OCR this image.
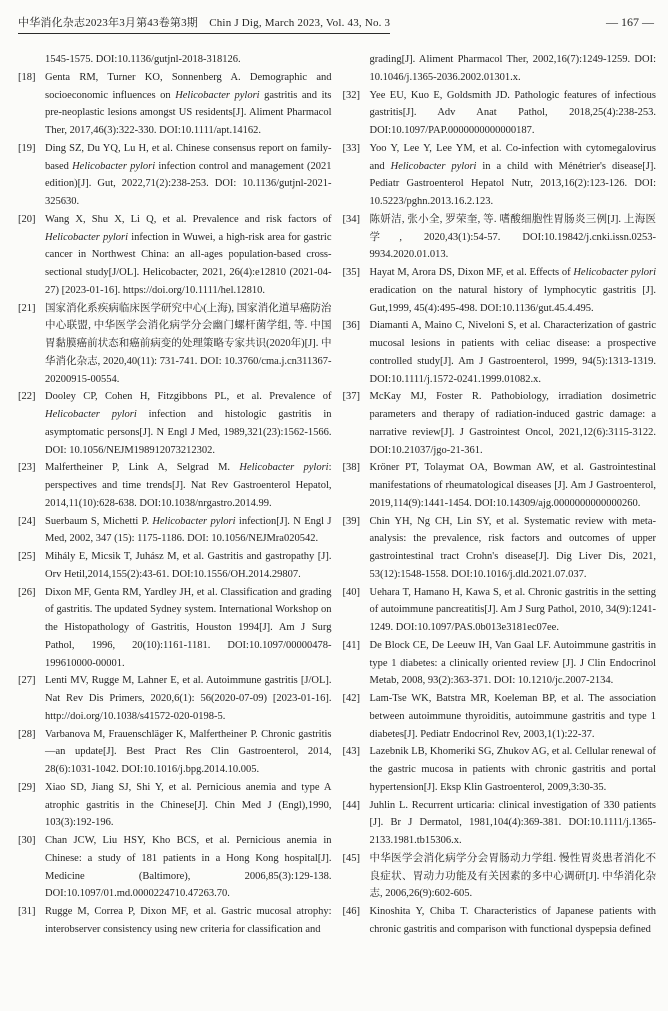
中华消化杂志2023年3月第43卷第3期　Chin J Dig, March 2023, Vol. 43, No. 3	— 167 —
1545-1575. DOI:10.1136/gutjnl-2018-318126.
[18] Genta RM, Turner KO, Sonnenberg A. Demographic and socioeconomic influences on Helicobacter pylori gastritis and its pre-neoplastic lesions amongst US residents[J]. Aliment Pharmacol Ther, 2017,46(3):322-330. DOI:10.1111/apt.14162.
[19] Ding SZ, Du YQ, Lu H, et al. Chinese consensus report on family-based Helicobacter pylori infection control and management (2021 edition)[J]. Gut, 2022,71(2):238-253. DOI: 10.1136/gutjnl-2021-325630.
[20] Wang X, Shu X, Li Q, et al. Prevalence and risk factors of Helicobacter pylori infection in Wuwei, a high-risk area for gastric cancer in Northwest China: an all-ages population-based cross-sectional study[J/OL]. Helicobacter, 2021, 26(4):e12810 (2021-04-27) [2023-01-16]. https://doi.org/10.1111/hel.12810.
[21] 国家消化系疾病临床医学研究中心(上海), 国家消化道早癌防治中心联盟, 中华医学会消化病学分会幽门螺杆菌学组, 等. 中国胃黏膜癌前状态和癌前病变的处理策略专家共识(2020年)[J]. 中华消化杂志, 2020,40(11): 731-741. DOI: 10.3760/cma.j.cn311367-20200915-00554.
[22] Dooley CP, Cohen H, Fitzgibbons PL, et al. Prevalence of Helicobacter pylori infection and histologic gastritis in asymptomatic persons[J]. N Engl J Med, 1989,321(23):1562-1566. DOI: 10.1056/NEJM198912073212302.
[23] Malfertheiner P, Link A, Selgrad M. Helicobacter pylori: perspectives and time trends[J]. Nat Rev Gastroenterol Hepatol, 2014,11(10):628-638. DOI:10.1038/nrgastro.2014.99.
[24] Suerbaum S, Michetti P. Helicobacter pylori infection[J]. N Engl J Med, 2002, 347 (15): 1175-1186. DOI: 10.1056/NEJMra020542.
[25] Mihály E, Micsik T, Juhász M, et al. Gastritis and gastropathy [J]. Orv Hetil,2014,155(2):43-61. DOI:10.1556/OH.2014.29807.
[26] Dixon MF, Genta RM, Yardley JH, et al. Classification and grading of gastritis. The updated Sydney system. International Workshop on the Histopathology of Gastritis, Houston 1994[J]. Am J Surg Pathol, 1996, 20(10):1161-1181. DOI:10.1097/00000478-199610000-00001.
[27] Lenti MV, Rugge M, Lahner E, et al. Autoimmune gastritis [J/OL]. Nat Rev Dis Primers, 2020,6(1): 56(2020-07-09) [2023-01-16]. http://doi.org/10.1038/s41572-020-0198-5.
[28] Varbanova M, Frauenschläger K, Malfertheiner P. Chronic gastritis—an update[J]. Best Pract Res Clin Gastroenterol, 2014, 28(6):1031-1042. DOI:10.1016/j.bpg.2014.10.005.
[29] Xiao SD, Jiang SJ, Shi Y, et al. Pernicious anemia and type A atrophic gastritis in the Chinese[J]. Chin Med J (Engl),1990, 103(3):192-196.
[30] Chan JCW, Liu HSY, Kho BCS, et al. Pernicious anemia in Chinese: a study of 181 patients in a Hong Kong hospital[J]. Medicine (Baltimore), 2006,85(3):129-138. DOI:10.1097/01.md.0000224710.47263.70.
[31] Rugge M, Correa P, Dixon MF, et al. Gastric mucosal atrophy: interobserver consistency using new criteria for classification and
grading[J]. Aliment Pharmacol Ther, 2002,16(7):1249-1259. DOI: 10.1046/j.1365-2036.2002.01301.x.
[32] Yee EU, Kuo E, Goldsmith JD. Pathologic features of infectious gastritis[J]. Adv Anat Pathol, 2018,25(4):238-253. DOI:10.1097/PAP.0000000000000187.
[33] Yoo Y, Lee Y, Lee YM, et al. Co-infection with cytomegalovirus and Helicobacter pylori in a child with Ménétrier's disease[J]. Pediatr Gastroenterol Hepatol Nutr, 2013,16(2):123-126. DOI: 10.5223/pghn.2013.16.2.123.
[34] 陈妍洁, 张小全, 罗荣奎, 等. 嗜酸细胞性胃肠炎三例[J]. 上海医学, 2020,43(1):54-57. DOI:10.19842/j.cnki.issn.0253-9934.2020.01.013.
[35] Hayat M, Arora DS, Dixon MF, et al. Effects of Helicobacter pylori eradication on the natural history of lymphocytic gastritis [J]. Gut,1999, 45(4):495-498. DOI:10.1136/gut.45.4.495.
[36] Diamanti A, Maino C, Niveloni S, et al. Characterization of gastric mucosal lesions in patients with celiac disease: a prospective controlled study[J]. Am J Gastroenterol, 1999, 94(5):1313-1319. DOI:10.1111/j.1572-0241.1999.01082.x.
[37] McKay MJ, Foster R. Pathobiology, irradiation dosimetric parameters and therapy of radiation-induced gastric damage: a narrative review[J]. J Gastrointest Oncol, 2021,12(6):3115-3122. DOI:10.21037/jgo-21-361.
[38] Kröner PT, Tolaymat OA, Bowman AW, et al. Gastrointestinal manifestations of rheumatological diseases [J]. Am J Gastroenterol, 2019,114(9):1441-1454. DOI:10.14309/ajg.0000000000000260.
[39] Chin YH, Ng CH, Lin SY, et al. Systematic review with meta-analysis: the prevalence, risk factors and outcomes of upper gastrointestinal tract Crohn's disease[J]. Dig Liver Dis, 2021, 53(12):1548-1558. DOI:10.1016/j.dld.2021.07.037.
[40] Uehara T, Hamano H, Kawa S, et al. Chronic gastritis in the setting of autoimmune pancreatitis[J]. Am J Surg Pathol, 2010, 34(9):1241-1249. DOI:10.1097/PAS.0b013e3181ec07ee.
[41] De Block CE, De Leeuw IH, Van Gaal LF. Autoimmune gastritis in type 1 diabetes: a clinically oriented review [J]. J Clin Endocrinol Metab, 2008, 93(2):363-371. DOI: 10.1210/jc.2007-2134.
[42] Lam-Tse WK, Batstra MR, Koeleman BP, et al. The association between autoimmune thyroiditis, autoimmune gastritis and type 1 diabetes[J]. Pediatr Endocrinol Rev, 2003,1(1):22-37.
[43] Lazebnik LB, Khomeriki SG, Zhukov AG, et al. Cellular renewal of the gastric mucosa in patients with chronic gastritis and portal hypertension[J]. Eksp Klin Gastroenterol, 2009,3:30-35.
[44] Juhlin L. Recurrent urticaria: clinical investigation of 330 patients [J]. Br J Dermatol, 1981,104(4):369-381. DOI:10.1111/j.1365-2133.1981.tb15306.x.
[45] 中华医学会消化病学分会胃肠动力学组. 慢性胃炎患者消化不良症状、胃动力功能及有关因素的多中心调研[J]. 中华消化杂志, 2006,26(9):602-605.
[46] Kinoshita Y, Chiba T. Characteristics of Japanese patients with chronic gastritis and comparison with functional dyspepsia defined
